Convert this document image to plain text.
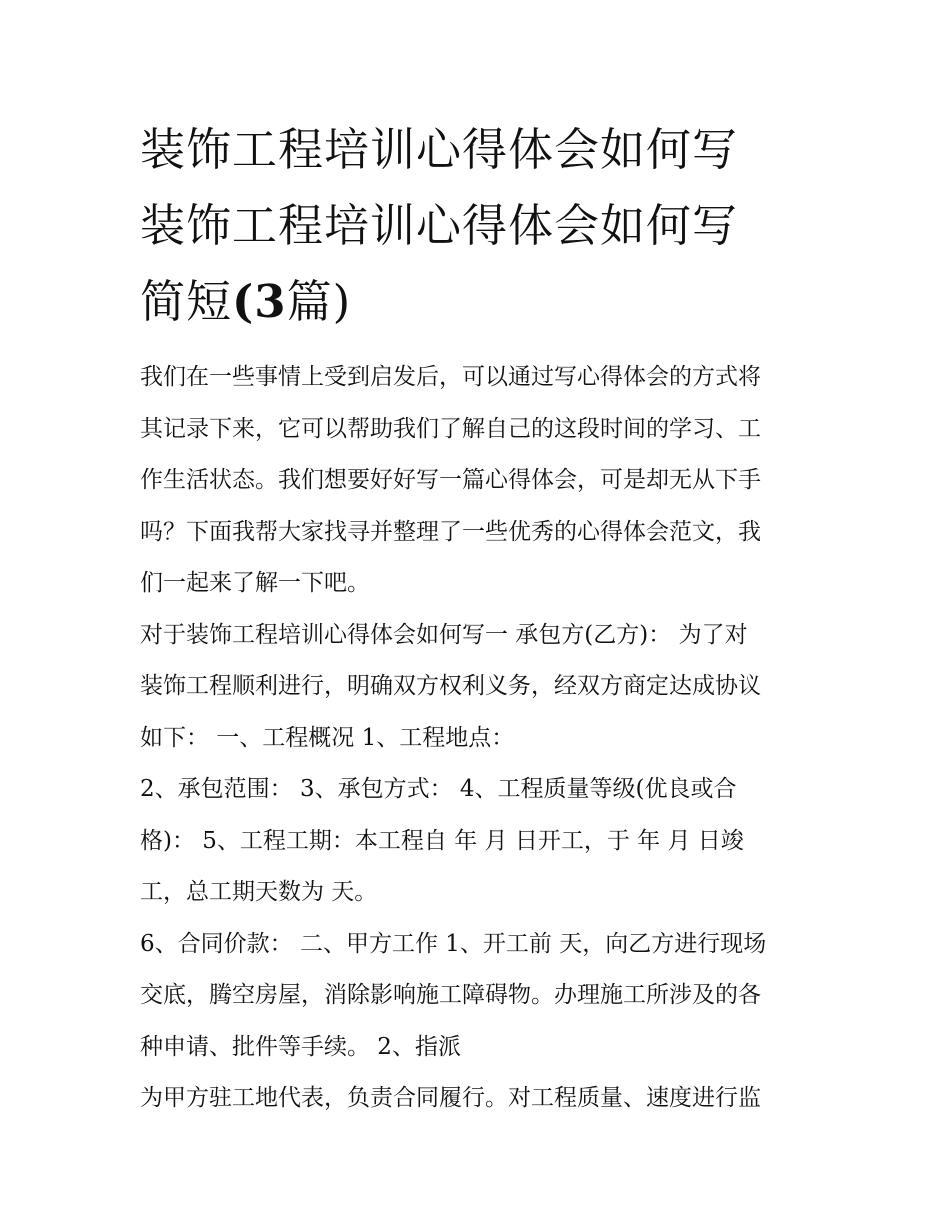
装饰工程培训心得体会如何写
装饰工程培训心得体会如何写
简短(3篇)
我们在一些事情上受到启发后，可以通过写心得体会的方式将
其记录下来，它可以帮助我们了解自己的这段时间的学习、工
作生活状态。我们想要好好写一篇心得体会，可是却无从下手
吗？下面我帮大家找寻并整理了一些优秀的心得体会范文，我
们一起来了解一下吧。
对于装饰工程培训心得体会如何写一 承包方(乙方)： 为了对
装饰工程顺利进行，明确双方权利义务，经双方商定达成协议
如下： 一、工程概况 1、工程地点：
2、承包范围： 3、承包方式： 4、工程质量等级(优良或合
格)： 5、工程工期：本工程自 年 月 日开工，于 年 月 日竣
工，总工期天数为 天。
6、合同价款： 二、甲方工作 1、开工前 天，向乙方进行现场
交底，腾空房屋，消除影响施工障碍物。办理施工所涉及的各
种申请、批件等手续。 2、指派
为甲方驻工地代表，负责合同履行。对工程质量、速度进行监
